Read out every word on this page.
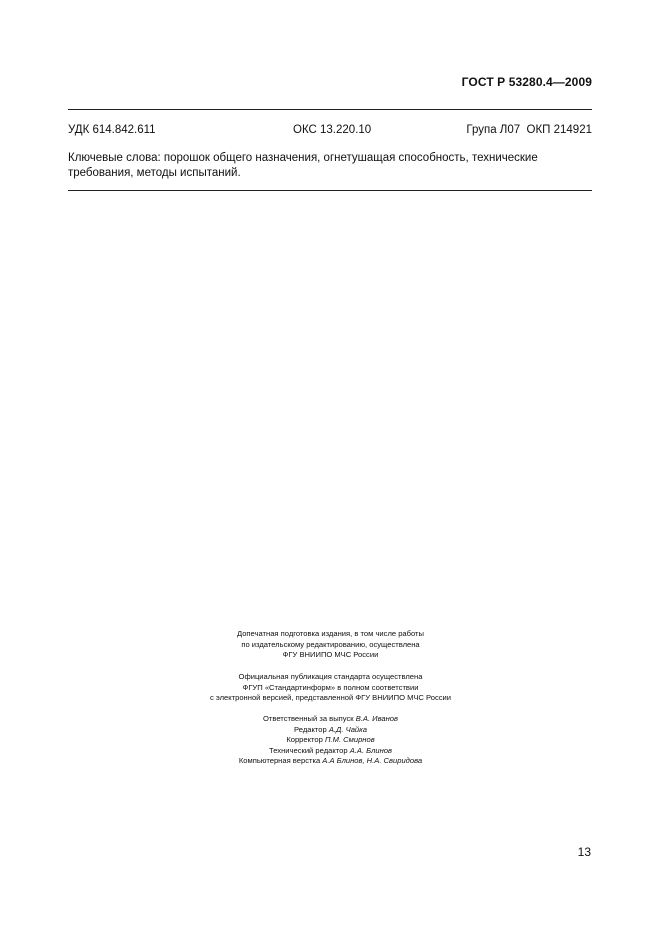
ГОСТ Р 53280.4—2009
УДК 614.842.611	ОКС 13.220.10	Група Л07  ОКП 214921
Ключевые слова: порошок общего назначения, огнетушащая способность, технические требования, методы испытаний.
Допечатная подготовка издания, в том числе работы
по издательскому редактированию, осуществлена
ФГУ ВНИИПО МЧС России
Официальная публикация стандарта осуществлена
ФГУП «Стандартинформ» в полном соответствии
с электронной версией, представленной ФГУ ВНИИПО МЧС России
Ответственный за выпуск В.А. Иванов
Редактор А.Д. Чайка
Корректор П.М. Смирнов
Технический редактор А.А. Блинов
Компьютерная верстка А.А Блинов, Н.А. Свиридова
13
